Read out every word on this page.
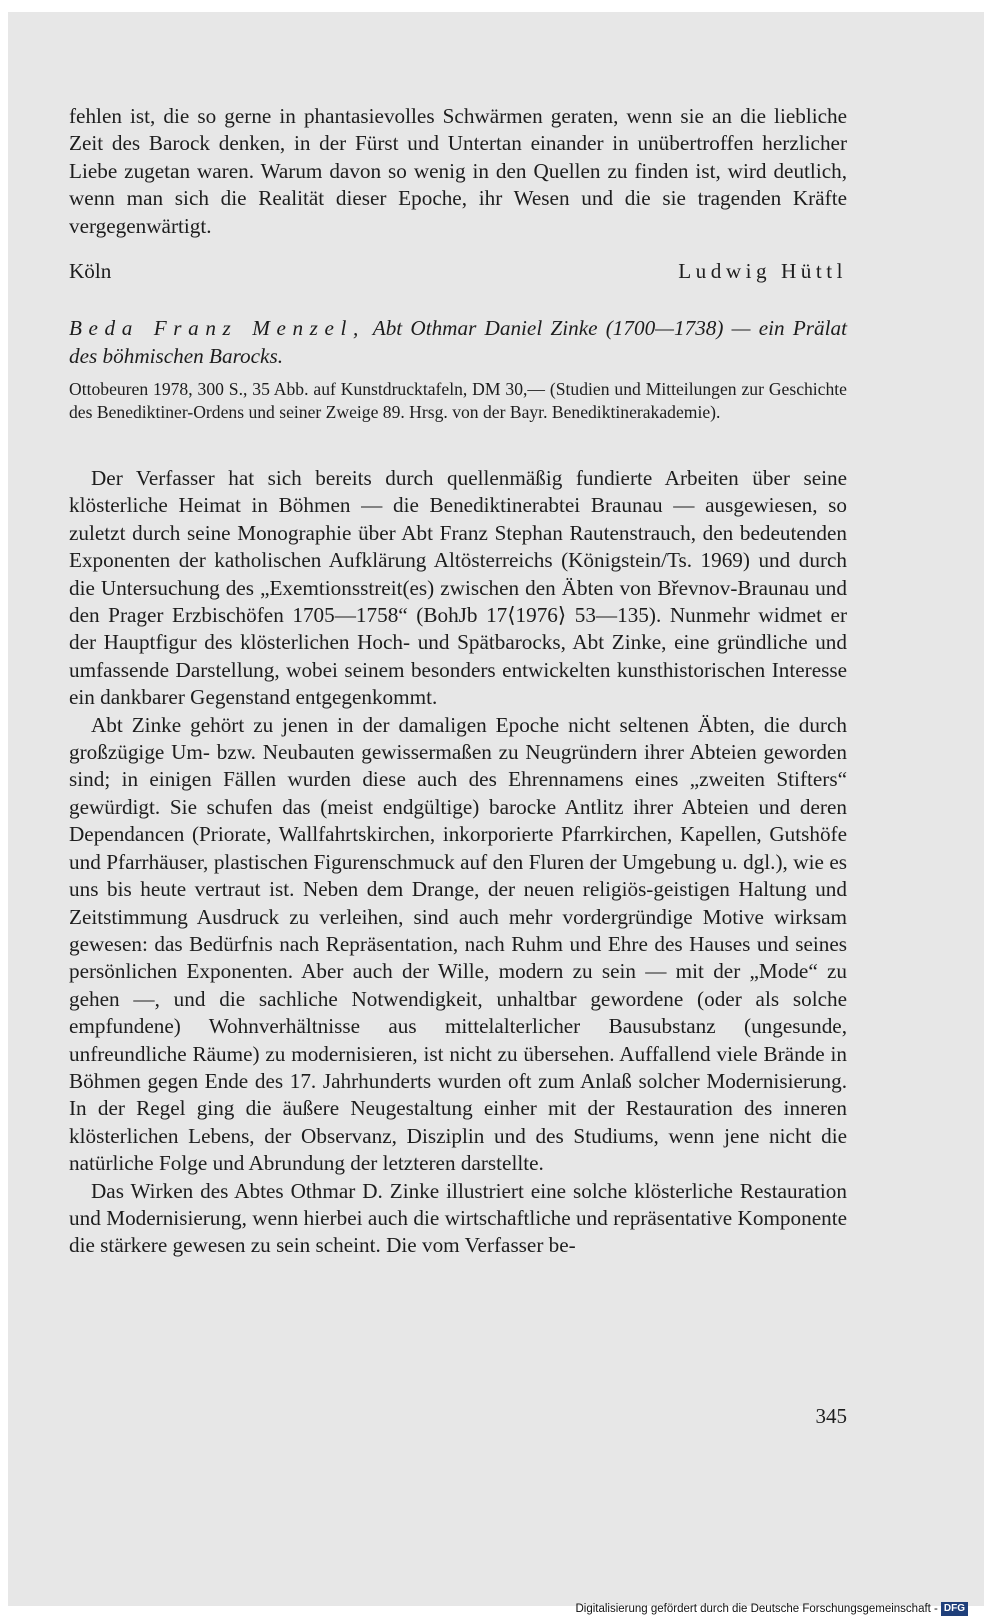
fehlen ist, die so gerne in phantasievolles Schwärmen geraten, wenn sie an die liebliche Zeit des Barock denken, in der Fürst und Untertan einander in unübertroffen herzlicher Liebe zugetan waren. Warum davon so wenig in den Quellen zu finden ist, wird deutlich, wenn man sich die Realität dieser Epoche, ihr Wesen und die sie tragenden Kräfte vergegenwärtigt.

Köln	Ludwig Hüttl

Beda Franz Menzel, Abt Othmar Daniel Zinke (1700—1738) — ein Prälat des böhmischen Barocks.

Ottobeuren 1978, 300 S., 35 Abb. auf Kunstdrucktafeln, DM 30,— (Studien und Mitteilungen zur Geschichte des Benediktiner-Ordens und seiner Zweige 89. Hrsg. von der Bayr. Benediktinerakademie).

Der Verfasser hat sich bereits durch quellenmäßig fundierte Arbeiten über seine klösterliche Heimat in Böhmen — die Benediktinerabtei Braunau — ausgewiesen, so zuletzt durch seine Monographie über Abt Franz Stephan Rautenstrauch, den bedeutenden Exponenten der katholischen Aufklärung Altösterreichs (Königstein/Ts. 1969) und durch die Untersuchung des „Exemtionsstreit(es) zwischen den Äbten von Břevnov-Braunau und den Prager Erzbischöfen 1705—1758“ (BohJb 17⟨1976⟩ 53—135). Nunmehr widmet er der Hauptfigur des klösterlichen Hoch- und Spätbarocks, Abt Zinke, eine gründliche und umfassende Darstellung, wobei seinem besonders entwickelten kunsthistorischen Interesse ein dankbarer Gegenstand entgegenkommt.

Abt Zinke gehört zu jenen in der damaligen Epoche nicht seltenen Äbten, die durch großzügige Um- bzw. Neubauten gewissermaßen zu Neugründern ihrer Abteien geworden sind; in einigen Fällen wurden diese auch des Ehrennamens eines „zweiten Stifters“ gewürdigt. Sie schufen das (meist endgültige) barocke Antlitz ihrer Abteien und deren Dependancen (Priorate, Wallfahrtskirchen, inkorporierte Pfarrkirchen, Kapellen, Gutshöfe und Pfarrhäuser, plastischen Figurenschmuck auf den Fluren der Umgebung u. dgl.), wie es uns bis heute vertraut ist. Neben dem Drange, der neuen religiös-geistigen Haltung und Zeitstimmung Ausdruck zu verleihen, sind auch mehr vordergründige Motive wirksam gewesen: das Bedürfnis nach Repräsentation, nach Ruhm und Ehre des Hauses und seines persönlichen Exponenten. Aber auch der Wille, modern zu sein — mit der „Mode“ zu gehen —, und die sachliche Notwendigkeit, unhaltbar gewordene (oder als solche empfundene) Wohnverhältnisse aus mittelalterlicher Bausubstanz (ungesunde, unfreundliche Räume) zu modernisieren, ist nicht zu übersehen. Auffallend viele Brände in Böhmen gegen Ende des 17. Jahrhunderts wurden oft zum Anlaß solcher Modernisierung. In der Regel ging die äußere Neugestaltung einher mit der Restauration des inneren klösterlichen Lebens, der Observanz, Disziplin und des Studiums, wenn jene nicht die natürliche Folge und Abrundung der letzteren darstellte.

Das Wirken des Abtes Othmar D. Zinke illustriert eine solche klösterliche Restauration und Modernisierung, wenn hierbei auch die wirtschaftliche und repräsentative Komponente die stärkere gewesen zu sein scheint. Die vom Verfasser be-

345
Digitalisierung gefördert durch die Deutsche Forschungsgemeinschaft - DFG
